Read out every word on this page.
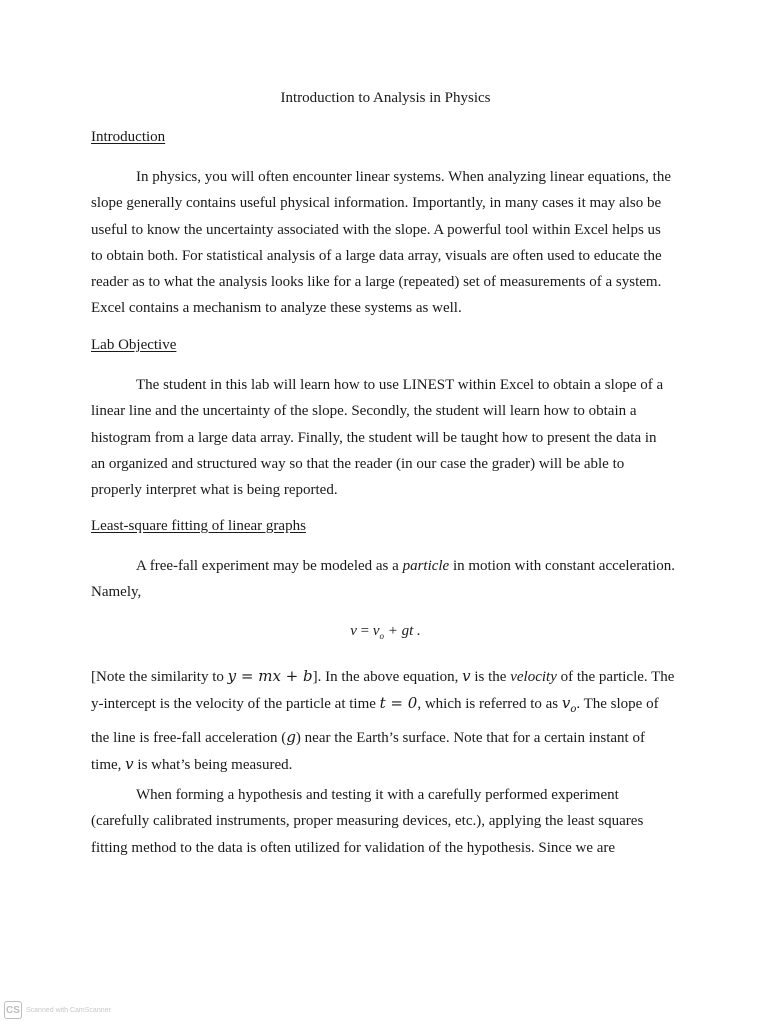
Introduction to Analysis in Physics
Introduction

In physics, you will often encounter linear systems. When analyzing linear equations, the
slope generally contains useful physical information. Importantly, in many cases it may also be
useful to know the uncertainty associated with the slope. A powerful tool within Excel helps us
to obtain both. For statistical analysis of a large data array, visuals are often used to educate the
reader as to what the analysis looks like for a large (repeated) set of measurements of a system.
Excel contains a mechanism to analyze these systems as well.

Lab Objective

The student in this lab will learn how to use LINEST within Excel to obtain a slope of a
linear line and the uncertainty of the slope. Secondly, the student will learn how to obtain a
histogram from a large data array. Finally, the student will be taught how to present the data in
an organized and structured way so that the reader (in our case the grader) will be able to
properly interpret what is being reported.

Least-square fitting of linear graphs

A free-fall experiment may be modeled as a particle in motion with constant acceleration.
Namely,

$v = v_o$ + gt .

[Note the similarity to y = mx + b]. In the above equation, v is the velocity of the particle. The
y-intercept is the velocity of the particle at time t = 0, which is referred to as $v_o$. The slope of
the line is free-fall acceleration (g) near the Earth’s surface. Note that for a certain instant of
time, v is what’s being measured.

When forming a hypothesis and testing it with a carefully performed experiment
(carefully calibrated instruments, proper measuring devices, etc.), applying the least squares
fitting method to the data is often utilized for validation of the hypothesis. Since we are

CS Scanned with CamScanner
